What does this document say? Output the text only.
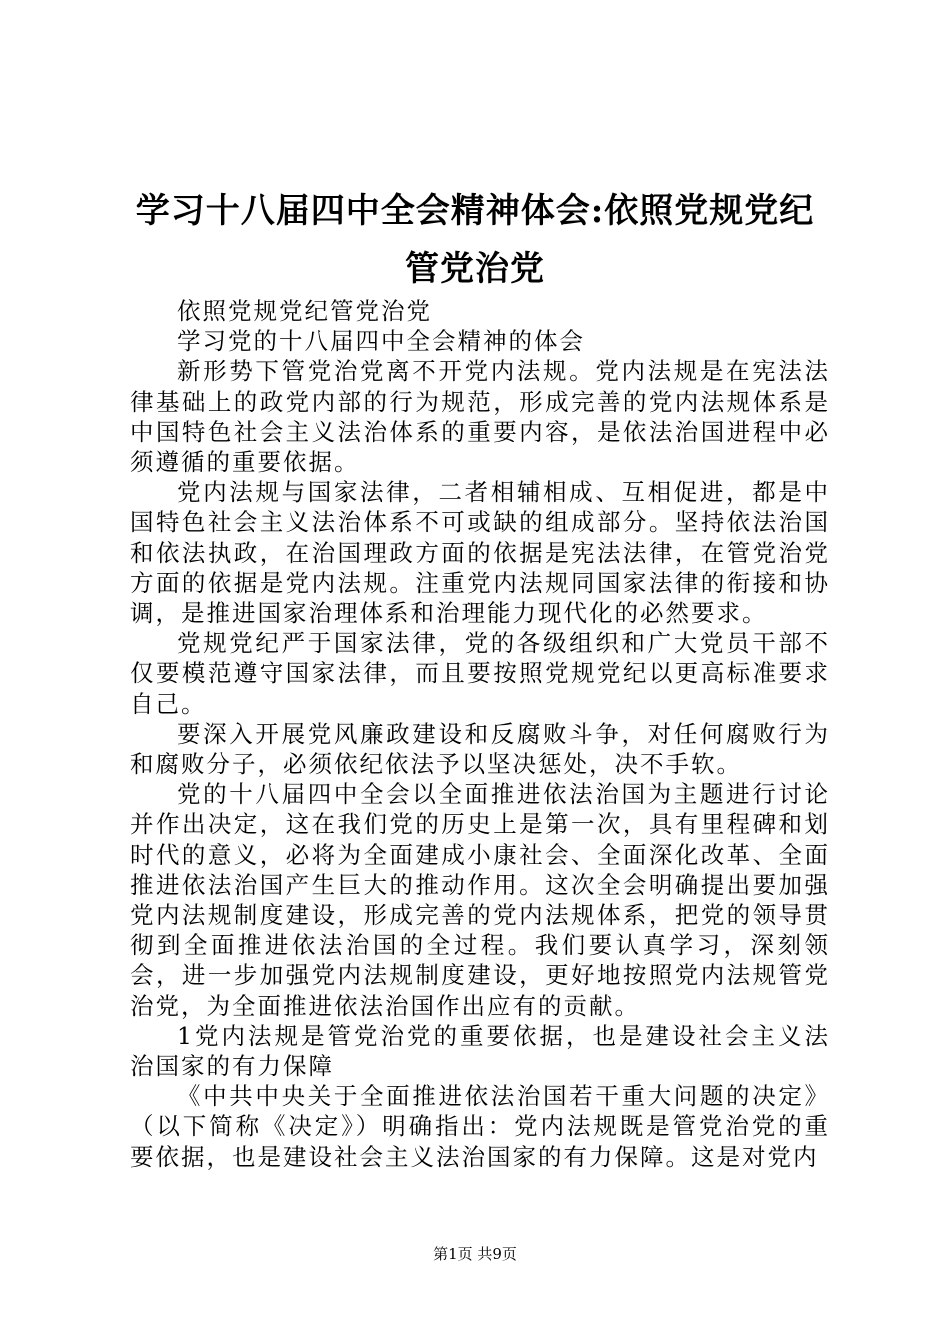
学习十八届四中全会精神体会:依照党规党纪
管党治党

依照党规党纪管党治党

学习党的十八届四中全会精神的体会

新形势下管党治党离不开党内法规。党内法规是在宪法法律基础上的政党内部的行为规范，形成完善的党内法规体系是中国特色社会主义法治体系的重要内容，是依法治国进程中必须遵循的重要依据。

党内法规与国家法律，二者相辅相成、互相促进，都是中国特色社会主义法治体系不可或缺的组成部分。坚持依法治国和依法执政，在治国理政方面的依据是宪法法律，在管党治党方面的依据是党内法规。注重党内法规同国家法律的衔接和协调，是推进国家治理体系和治理能力现代化的必然要求。

党规党纪严于国家法律，党的各级组织和广大党员干部不仅要模范遵守国家法律，而且要按照党规党纪以更高标准要求自己。

要深入开展党风廉政建设和反腐败斗争，对任何腐败行为和腐败分子，必须依纪依法予以坚决惩处，决不手软。

党的十八届四中全会以全面推进依法治国为主题进行讨论并作出决定，这在我们党的历史上是第一次，具有里程碑和划时代的意义，必将为全面建成小康社会、全面深化改革、全面推进依法治国产生巨大的推动作用。这次全会明确提出要加强党内法规制度建设，形成完善的党内法规体系，把党的领导贯彻到全面推进依法治国的全过程。我们要认真学习，深刻领会，进一步加强党内法规制度建设，更好地按照党内法规管党治党，为全面推进依法治国作出应有的贡献。

1党内法规是管党治党的重要依据，也是建设社会主义法治国家的有力保障

《中共中央关于全面推进依法治国若干重大问题的决定》（以下简称《决定》）明确指出：党内法规既是管党治党的重要依据，也是建设社会主义法治国家的有力保障。这是对党内

第1页 共9页
